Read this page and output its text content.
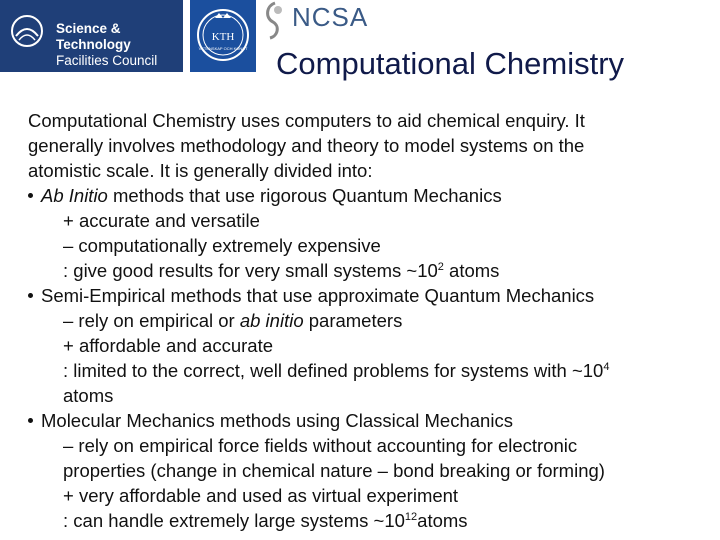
Science & Technology
Facilities Council
KTH
VETENSKAP OCH KONST
NCSA
Computational Chemistry
Computational Chemistry uses computers to aid chemical enquiry. It
generally involves methodology and theory to model systems on the
atomistic scale. It is generally divided into:
Ab Initio methods that use rigorous Quantum Mechanics
+ accurate and versatile
– computationally extremely expensive
: give good results for very small systems $\sim 10^2$ atoms
Semi-Empirical methods that use approximate Quantum Mechanics
– rely on empirical or ab initio parameters
+ affordable and accurate
: limited to the correct, well defined problems for systems with $\sim 10^4$
atoms
Molecular Mechanics methods using Classical Mechanics
– rely on empirical force fields without accounting for electronic
properties (change in chemical nature – bond breaking or forming)
+ very affordable and used as virtual experiment
: can handle extremely large systems $\sim 10^{12}atoms$
